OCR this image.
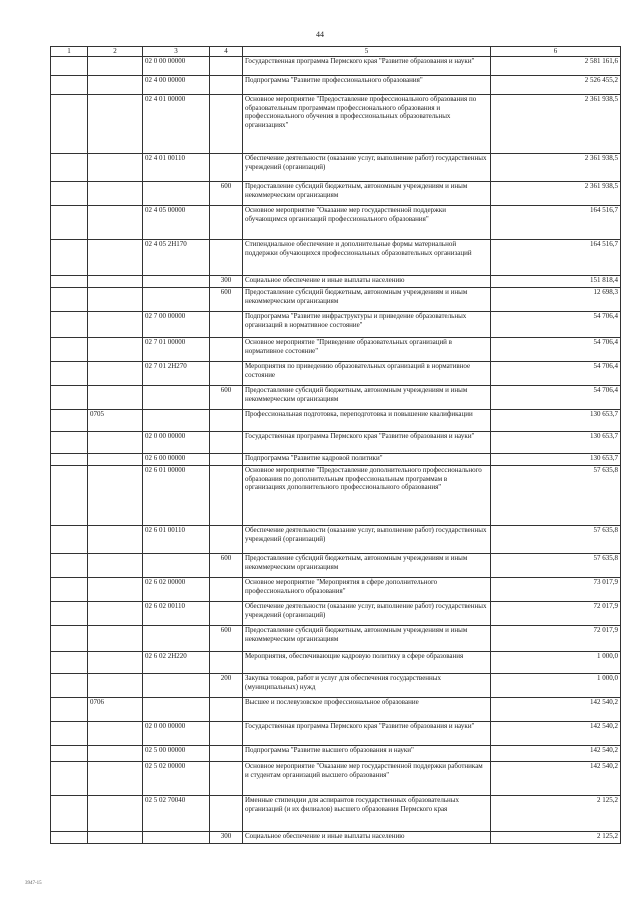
44
1	2	3	4	5	6
		02 0 00 00000		Государственная программа Пермского края "Развитие образования и науки"	2 581 161,6
		02 4 00 00000		Подпрограмма "Развитие профессионального образования"	2 526 455,2
		02 4 01 00000		Основное мероприятие "Предоставление профессионального образования по образовательным программам профессионального образования и профессионального обучения в профессиональных образовательных организациях"	2 361 938,5
		02 4 01 00110		Обеспечение деятельности (оказание услуг, выполнение работ) государственных учреждений (организаций)	2 361 938,5
			600	Предоставление субсидий бюджетным, автономным учреждениям и иным некоммерческим организациям	2 361 938,5
		02 4 05 00000		Основное мероприятие "Оказание мер государственной поддержки обучающимся организаций профессионального образования"	164 516,7
		02 4 05 2Н170		Стипендиальное обеспечение и дополнительные формы материальной поддержки обучающихся профессиональных образовательных организаций	164 516,7
			300	Социальное обеспечение и иные выплаты населению	151 818,4
			600	Предоставление субсидий бюджетным, автономным учреждениям и иным некоммерческим организациям	12 698,3
		02 7 00 00000		Подпрограмма "Развитие инфраструктуры и приведение образовательных организаций в нормативное состояние"	54 706,4
		02 7 01 00000		Основное мероприятие "Приведение образовательных организаций в нормативное состояние"	54 706,4
		02 7 01 2Н270		Мероприятия по приведению образовательных организаций в нормативное состояние	54 706,4
			600	Предоставление субсидий бюджетным, автономным учреждениям и иным некоммерческим организациям	54 706,4
	0705			Профессиональная подготовка, переподготовка и повышение квалификации	130 653,7
		02 0 00 00000		Государственная программа Пермского края "Развитие образования и науки"	130 653,7
		02 6 00 00000		Подпрограмма "Развитие кадровой политики"	130 653,7
		02 6 01 00000		Основное мероприятие "Предоставление дополнительного профессионального образования по дополнительным профессиональным программам в организациях дополнительного профессионального образования"	57 635,8
		02 6 01 00110		Обеспечение деятельности (оказание услуг, выполнение работ) государственных учреждений (организаций)	57 635,8
			600	Предоставление субсидий бюджетным, автономным учреждениям и иным некоммерческим организациям	57 635,8
		02 6 02 00000		Основное мероприятие "Мероприятия в сфере дополнительного профессионального образования"	73 017,9
		02 6 02 00110		Обеспечение деятельности (оказание услуг, выполнение работ) государственных учреждений (организаций)	72 017,9
			600	Предоставление субсидий бюджетным, автономным учреждениям и иным некоммерческим организациям	72 017,9
		02 6 02 2Н220		Мероприятия, обеспечивающие кадровую политику в сфере образования	1 000,0
			200	Закупка товаров, работ и услуг для обеспечения государственных (муниципальных) нужд	1 000,0
	0706			Высшее и послевузовское профессиональное образование	142 540,2
		02 0 00 00000		Государственная программа Пермского края "Развитие образования и науки"	142 540,2
		02 5 00 00000		Подпрограмма "Развитие высшего образования и науки"	142 540,2
		02 5 02 00000		Основное мероприятие "Оказание мер государственной поддержки работникам и студентам организаций высшего образования"	142 540,2
		02 5 02 70040		Именные стипендии для аспирантов государственных образовательных организаций (и их филиалов) высшего образования Пермского края	2 125,2
			300	Социальное обеспечение и иные выплаты населению	2 125,2
3947-15
